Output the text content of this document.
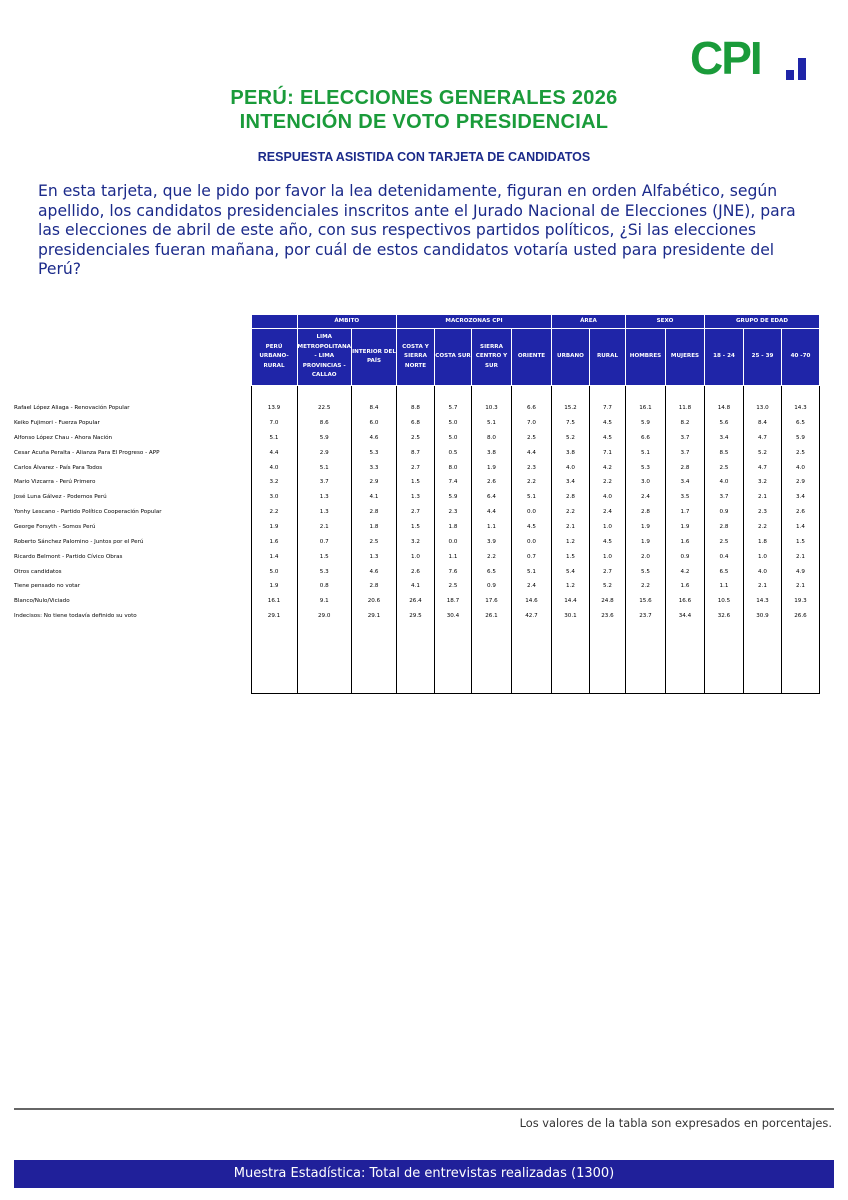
CPI
PERÚ: ELECCIONES GENERALES 2026
INTENCIÓN DE VOTO PRESIDENCIAL
RESPUESTA ASISTIDA CON TARJETA DE CANDIDATOS
En esta tarjeta, que le pido por favor la lea detenidamente, figuran en orden Alfabético, según apellido, los candidatos presidenciales inscritos ante el Jurado Nacional de Elecciones (JNE), para las elecciones de abril de este año, con sus respectivos partidos políticos, ¿Si las elecciones presidenciales fueran mañana, por cuál de estos candidatos votaría usted para presidente del Perú?
		ÁMBITO		MACROZONAS CPI				ÁREA		SEXO		GRUPO DE EDAD		
	PERÚ URBANO-RURAL	LIMA METROPOLITANA - LIMA PROVINCIAS - CALLAO	INTERIOR DEL PAÍS	COSTA Y SIERRA NORTE	COSTA SUR	SIERRA CENTRO Y SUR	ORIENTE	URBANO	RURAL	HOMBRES	MUJERES	18 - 24	25 - 39	40 -70

Rafael López Aliaga - Renovación Popular	13.9	22.5	8.4	8.8	5.7	10.3	6.6	15.2	7.7	16.1	11.8	14.8	13.0	14.3
Keiko Fujimori - Fuerza Popular	7.0	8.6	6.0	6.8	5.0	5.1	7.0	7.5	4.5	5.9	8.2	5.6	8.4	6.5
Alfonso López Chau - Ahora Nación	5.1	5.9	4.6	2.5	5.0	8.0	2.5	5.2	4.5	6.6	3.7	3.4	4.7	5.9
Cesar Acuña Peralta - Alianza Para El Progreso - APP	4.4	2.9	5.3	8.7	0.5	3.8	4.4	3.8	7.1	5.1	3.7	8.5	5.2	2.5
Carlos Álvarez - País Para Todos	4.0	5.1	3.3	2.7	8.0	1.9	2.3	4.0	4.2	5.3	2.8	2.5	4.7	4.0
Mario Vizcarra - Perú Primero	3.2	3.7	2.9	1.5	7.4	2.6	2.2	3.4	2.2	3.0	3.4	4.0	3.2	2.9
José Luna Gálvez - Podemos Perú	3.0	1.3	4.1	1.3	5.9	6.4	5.1	2.8	4.0	2.4	3.5	3.7	2.1	3.4
Yonhy Lescano - Partido Político Cooperación Popular	2.2	1.3	2.8	2.7	2.3	4.4	0.0	2.2	2.4	2.8	1.7	0.9	2.3	2.6
George Forsyth - Somos Perú	1.9	2.1	1.8	1.5	1.8	1.1	4.5	2.1	1.0	1.9	1.9	2.8	2.2	1.4
Roberto Sánchez Palomino - Juntos por el Perú	1.6	0.7	2.5	3.2	0.0	3.9	0.0	1.2	4.5	1.9	1.6	2.5	1.8	1.5
Ricardo Belmont - Partido Cívico Obras	1.4	1.5	1.3	1.0	1.1	2.2	0.7	1.5	1.0	2.0	0.9	0.4	1.0	2.1
Otros candidatos	5.0	5.3	4.6	2.6	7.6	6.5	5.1	5.4	2.7	5.5	4.2	6.5	4.0	4.9
Tiene pensado no votar	1.9	0.8	2.8	4.1	2.5	0.9	2.4	1.2	5.2	2.2	1.6	1.1	2.1	2.1
Blanco/Nulo/Viciado	16.1	9.1	20.6	26.4	18.7	17.6	14.6	14.4	24.8	15.6	16.6	10.5	14.3	19.3
Indecisos: No tiene todavía definido su voto	29.1	29.0	29.1	29.5	30.4	26.1	42.7	30.1	23.6	23.7	34.4	32.6	30.9	26.6

Los valores de la tabla son expresados en porcentajes.
Muestra Estadística: Total de entrevistas realizadas (1300)
